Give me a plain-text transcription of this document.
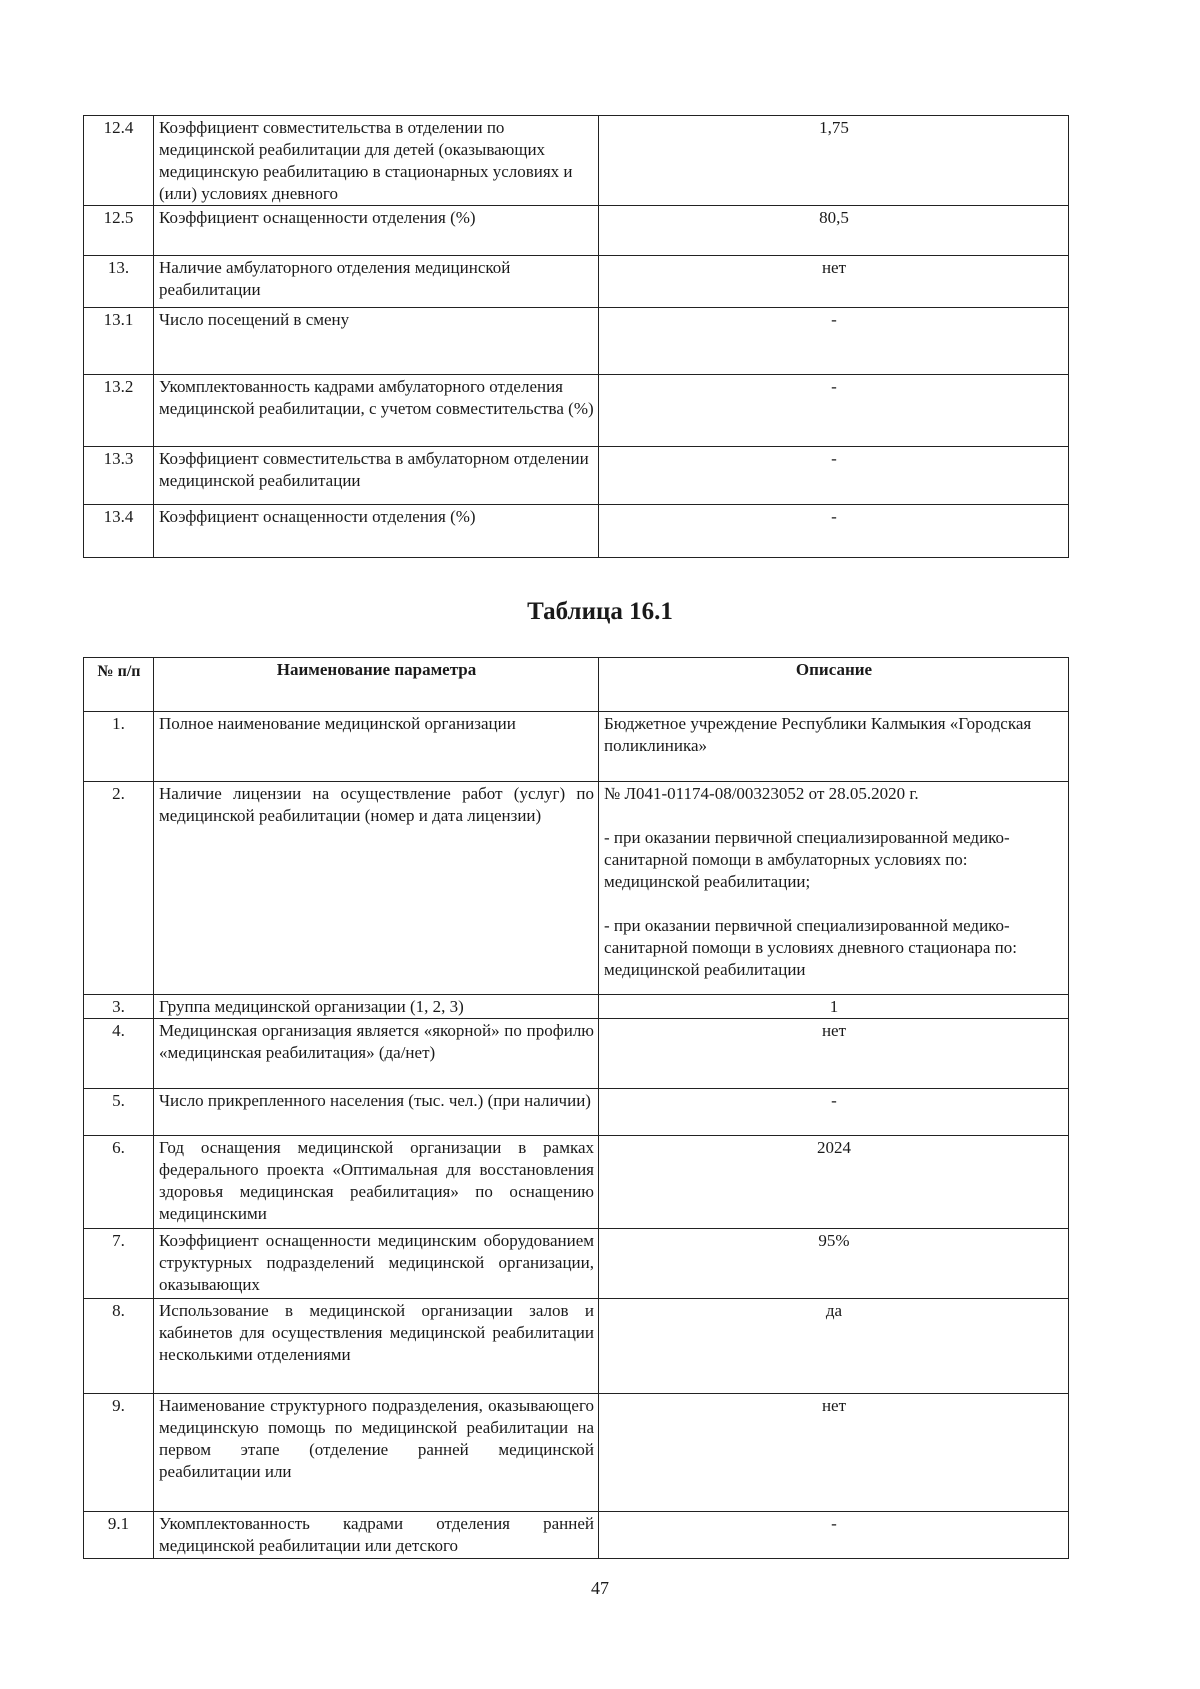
12.4	Коэффициент совместительства в отделении по медицинской реабилитации для детей (оказывающих медицинскую реабилитацию в стационарных условиях и (или) условиях дневного	1,75
12.5	Коэффициент оснащенности отделения (%)	80,5
13.	Наличие амбулаторного отделения медицинской реабилитации	нет
13.1	Число посещений в смену	-
13.2	Укомплектованность кадрами амбулаторного отделения медицинской реабилитации, с учетом совместительства (%)	-
13.3	Коэффициент совместительства в амбулаторном отделении медицинской реабилитации	-
13.4	Коэффициент оснащенности отделения (%)	-
Таблица 16.1
№ п/п	Наименование параметра	Описание
1.	Полное наименование медицинской организации	Бюджетное учреждение Республики Калмыкия «Городская поликлиника»
2.	Наличие лицензии на осуществление работ (услуг) по медицинской реабилитации (номер и дата лицензии)	№ Л041-01174-08/00323052 от 28.05.2020 г.

- при оказании первичной специализированной медико-санитарной помощи в амбулаторных условиях по: медицинской реабилитации;

- при оказании первичной специализированной медико-санитарной помощи в условиях дневного стационара по: медицинской реабилитации

3.	Группа медицинской организации (1, 2, 3)	1
4.	Медицинская организация является «якорной» по профилю «медицинская реабилитация» (да/нет)	нет
5.	Число прикрепленного населения (тыс. чел.) (при наличии)	-
6.	Год оснащения медицинской организации в рамках федерального проекта «Оптимальная для восстановления здоровья медицинская реабилитация» по оснащению медицинскими	2024
7.	Коэффициент оснащенности медицинским оборудованием структурных подразделений медицинской организации, оказывающих	95%
8.	Использование в медицинской организации залов и кабинетов для осуществления медицинской реабилитации несколькими отделениями	да
9.	Наименование структурного подразделения, оказывающего медицинскую помощь по медицинской реабилитации на первом этапе (отделение ранней медицинской реабилитации или	нет
9.1	Укомплектованность кадрами отделения ранней медицинской реабилитации или детского	-
47
